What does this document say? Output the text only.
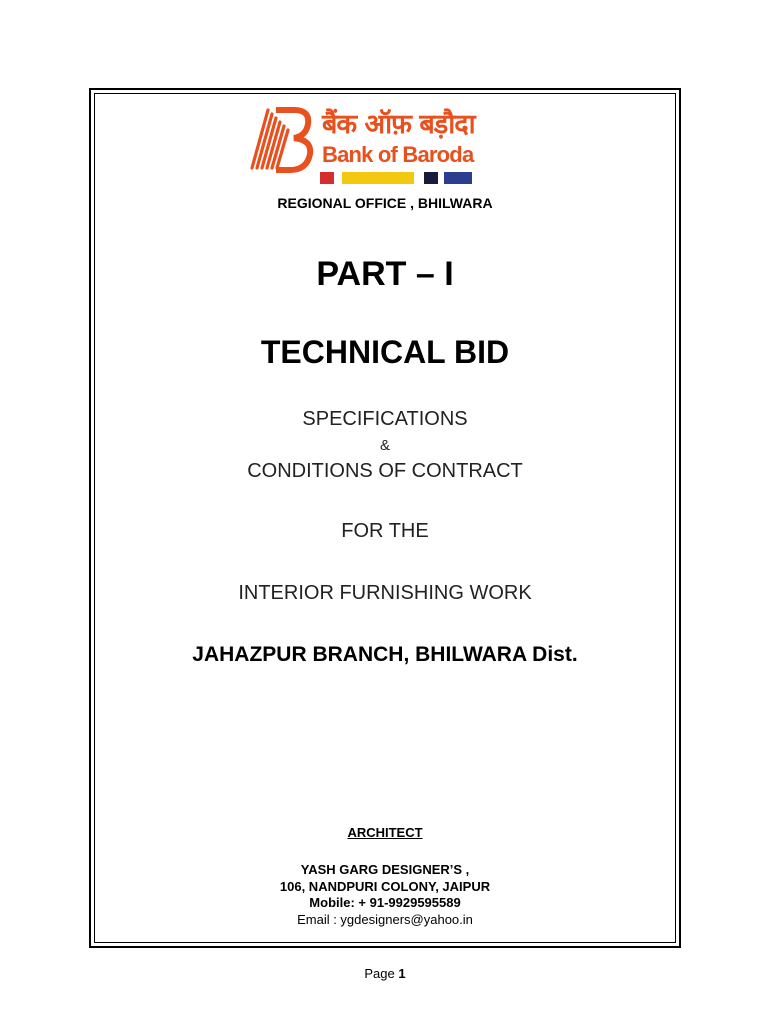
बैंक ऑफ़ बड़ौदा
Bank of Baroda
REGIONAL OFFICE , BHILWARA
PART – I
TECHNICAL BID
SPECIFICATIONS
&
CONDITIONS OF CONTRACT
FOR THE
INTERIOR FURNISHING WORK
JAHAZPUR BRANCH, BHILWARA Dist.
ARCHITECT
YASH GARG DESIGNER’S ,
106, NANDPURI COLONY, JAIPUR
Mobile: + 91-9929595589
Email : ygdesigners@yahoo.in
Page 1
